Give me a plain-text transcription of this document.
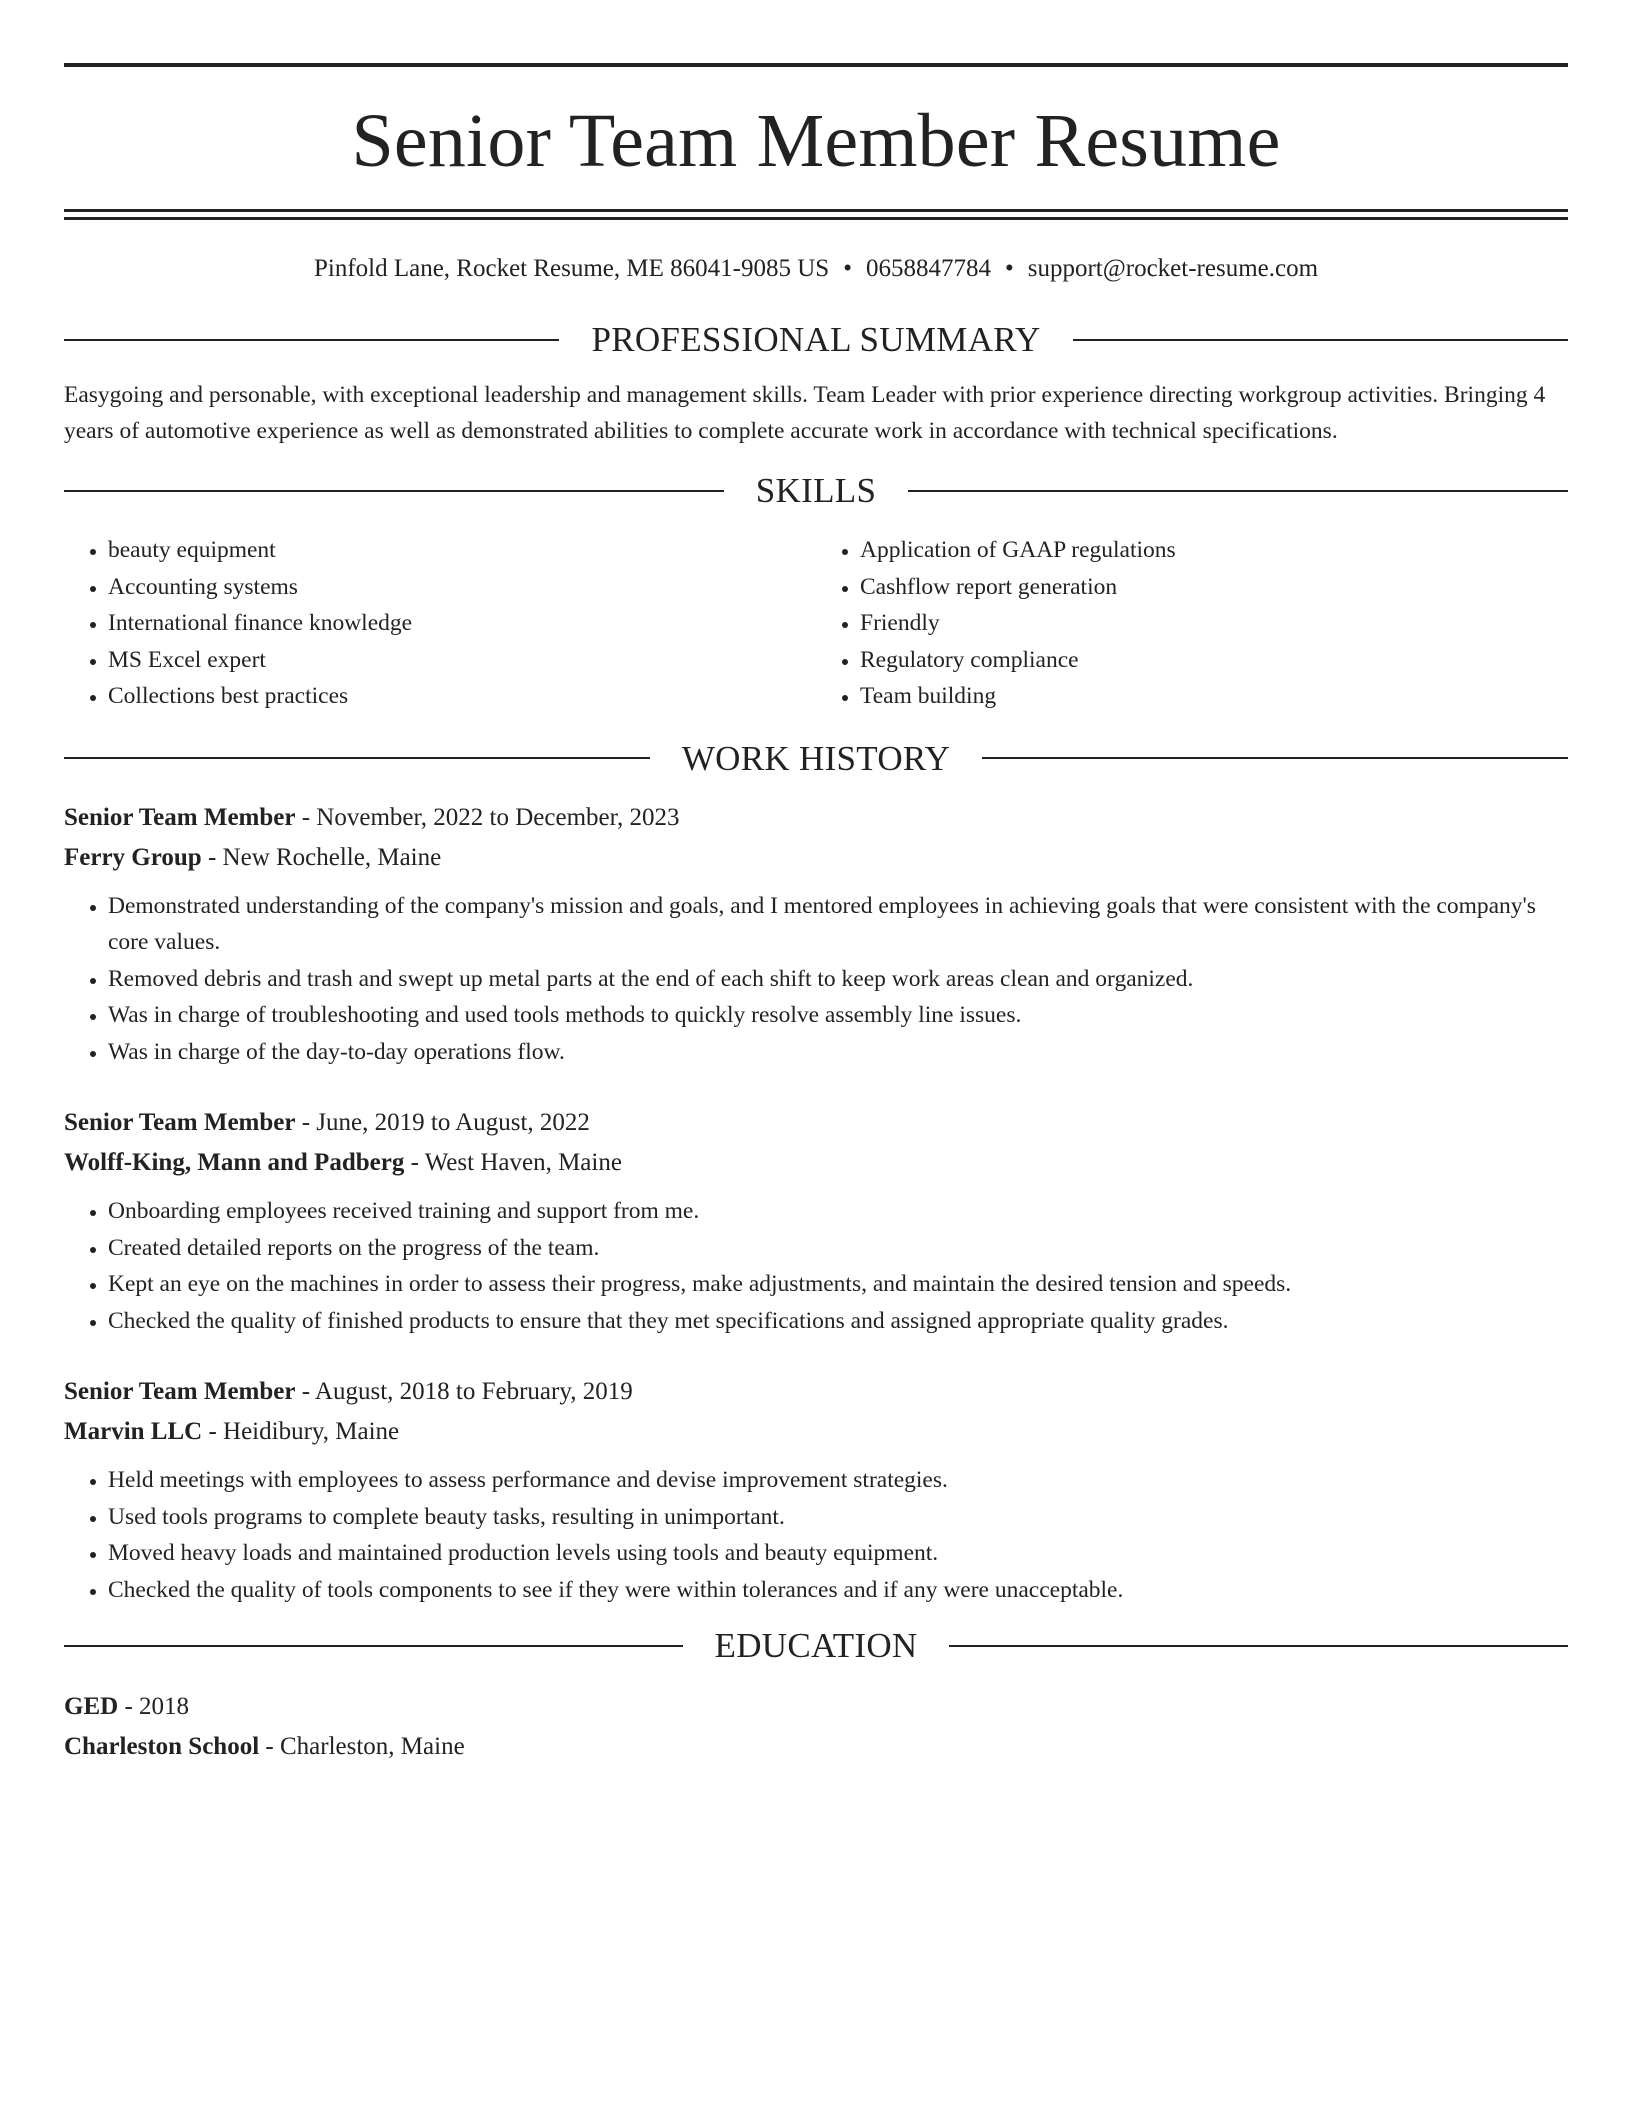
Senior Team Member Resume
Pinfold Lane, Rocket Resume, ME 86041-9085 US • 0658847784 • support@rocket-resume.com
PROFESSIONAL SUMMARY
Easygoing and personable, with exceptional leadership and management skills. Team Leader with prior experience directing workgroup activities. Bringing 4 years of automotive experience as well as demonstrated abilities to complete accurate work in accordance with technical specifications.
SKILLS
• beauty equipment
• Accounting systems
• International finance knowledge
• MS Excel expert
• Collections best practices
• Application of GAAP regulations
• Cashflow report generation
• Friendly
• Regulatory compliance
• Team building
WORK HISTORY
Senior Team Member - November, 2022 to December, 2023
Ferry Group - New Rochelle, Maine
• Demonstrated understanding of the company's mission and goals, and I mentored employees in achieving goals that were consistent with the company's core values.
• Removed debris and trash and swept up metal parts at the end of each shift to keep work areas clean and organized.
• Was in charge of troubleshooting and used tools methods to quickly resolve assembly line issues.
• Was in charge of the day-to-day operations flow.
Senior Team Member - June, 2019 to August, 2022
Wolff-King, Mann and Padberg - West Haven, Maine
• Onboarding employees received training and support from me.
• Created detailed reports on the progress of the team.
• Kept an eye on the machines in order to assess their progress, make adjustments, and maintain the desired tension and speeds.
• Checked the quality of finished products to ensure that they met specifications and assigned appropriate quality grades.
Senior Team Member - August, 2018 to February, 2019
Marvin LLC - Heidibury, Maine
• Held meetings with employees to assess performance and devise improvement strategies.
• Used tools programs to complete beauty tasks, resulting in unimportant.
• Moved heavy loads and maintained production levels using tools and beauty equipment.
• Checked the quality of tools components to see if they were within tolerances and if any were unacceptable.
EDUCATION
GED - 2018
Charleston School - Charleston, Maine
